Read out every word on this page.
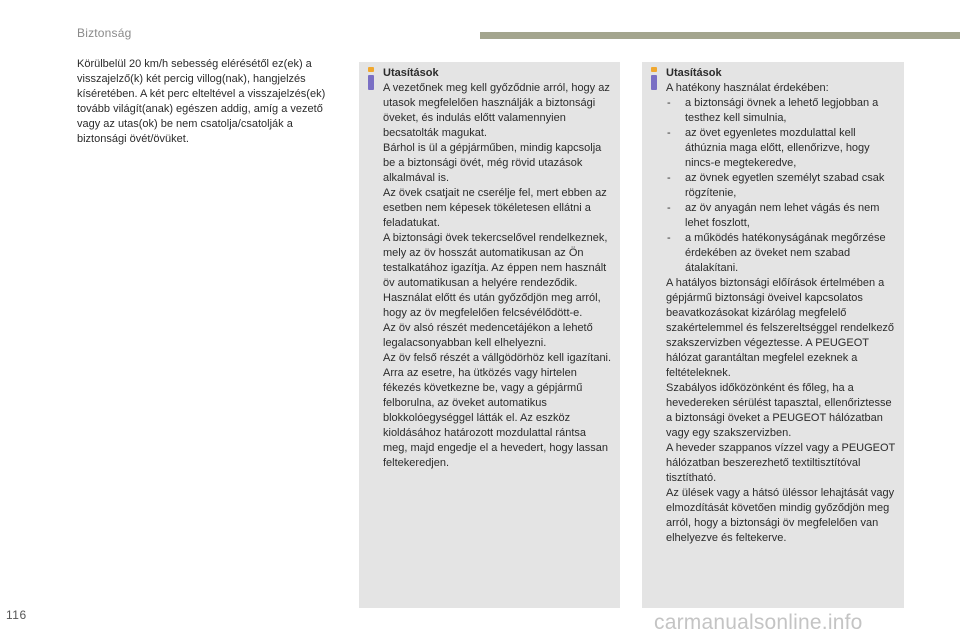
Biztonság
Körülbelül 20 km/h sebesség elérésétől ez(ek) a visszajelző(k) két percig villog(nak), hangjelzés kíséretében. A két perc elteltével a visszajelzés(ek) tovább világít(anak) egészen addig, amíg a vezető vagy az utas(ok) be nem csatolja/csatolják a biztonsági övét/övüket.
Utasítások
A vezetőnek meg kell győződnie arról, hogy az utasok megfelelően használják a biztonsági öveket, és indulás előtt valamennyien becsatolták magukat.
Bárhol is ül a gépjárműben, mindig kapcsolja be a biztonsági övét, még rövid utazások alkalmával is.
Az övek csatjait ne cserélje fel, mert ebben az esetben nem képesek tökéletesen ellátni a feladatukat.
A biztonsági övek tekercselővel rendelkeznek, mely az öv hosszát automatikusan az Ön testalkatához igazítja. Az éppen nem használt öv automatikusan a helyére rendeződik.
Használat előtt és után győződjön meg arról, hogy az öv megfelelően felcsévélődött-e.
Az öv alsó részét medencetájékon a lehető legalacsonyabban kell elhelyezni.
Az öv felső részét a vállgödörhöz kell igazítani.
Arra az esetre, ha ütközés vagy hirtelen fékezés következne be, vagy a gépjármű felborulna, az öveket automatikus blokkolóegységgel látták el. Az eszköz kioldásához határozott mozdulattal rántsa meg, majd engedje el a hevedert, hogy lassan feltekeredjen.
Utasítások
A hatékony használat érdekében:
- a biztonsági övnek a lehető legjobban a testhez kell simulnia,
- az övet egyenletes mozdulattal kell áthúznia maga előtt, ellenőrizve, hogy nincs-e megtekeredve,
- az övnek egyetlen személyt szabad csak rögzítenie,
- az öv anyagán nem lehet vágás és nem lehet foszlott,
- a működés hatékonyságának megőrzése érdekében az öveket nem szabad átalakítani.
A hatályos biztonsági előírások értelmében a gépjármű biztonsági öveivel kapcsolatos beavatkozásokat kizárólag megfelelő szakértelemmel és felszereltséggel rendelkező szakszervizben végeztesse. A PEUGEOT hálózat garantáltan megfelel ezeknek a feltételeknek.
Szabályos időközönként és főleg, ha a hevedereken sérülést tapasztal, ellenőriztesse a biztonsági öveket a PEUGEOT hálózatban vagy egy szakszervizben.
A heveder szappanos vízzel vagy a PEUGEOT hálózatban beszerezhető textiltisztítóval tisztítható.
Az ülések vagy a hátsó üléssor lehajtását vagy elmozdítását követően mindig győződjön meg arról, hogy a biztonsági öv megfelelően van elhelyezve és feltekerve.
116	carmanualsonline.info
